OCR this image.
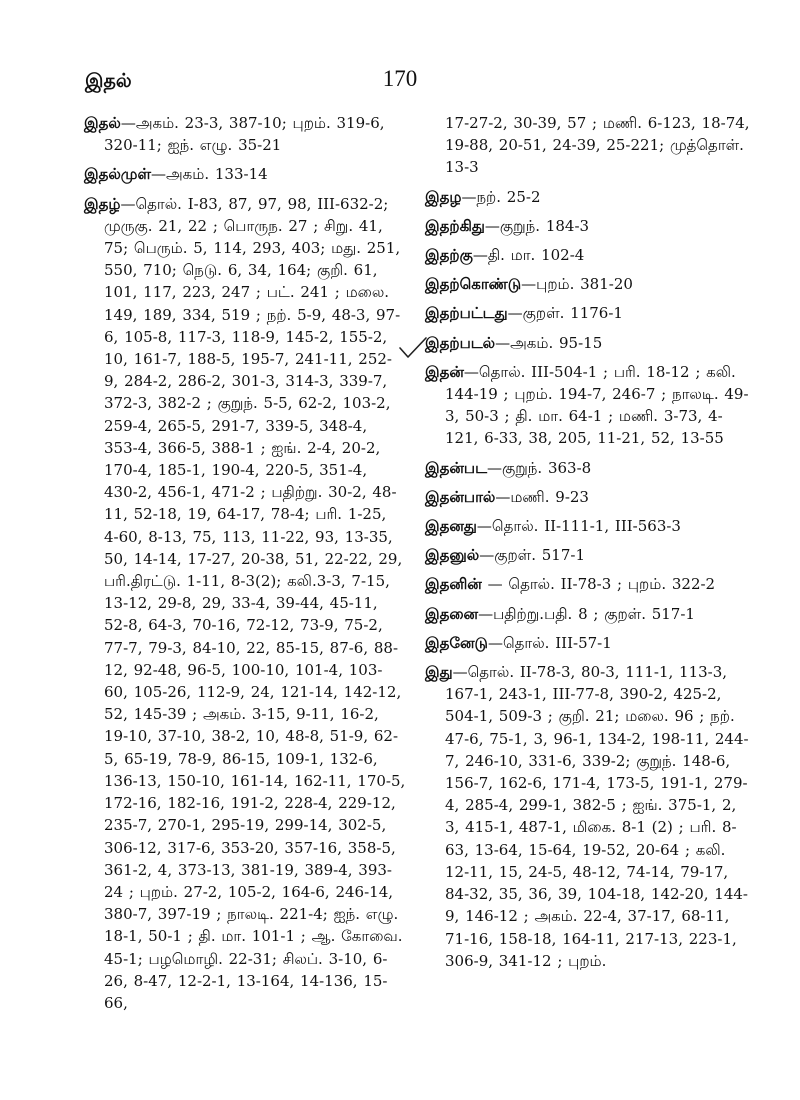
இதல்	170

இதல்—அகம். 23-3, 387-10; புறம். 319-6, 320-11; ஐந். எழு. 35-21

இதல்முள்—அகம். 133-14

இதழ்—தொல். I-83, 87, 97, 98, III-632-2; முருகு. 21, 22 ; பொருந. 27 ; சிறு. 41, 75; பெரும். 5, 114, 293, 403; மது. 251, 550, 710; நெடு. 6, 34, 164; குறி. 61, 101, 117, 223, 247 ; பட். 241 ; மலை. 149, 189, 334, 519 ; நற். 5-9, 48-3, 97-6, 105-8, 117-3, 118-9, 145-2, 155-2, 10, 161-7, 188-5, 195-7, 241-11, 252-9, 284-2, 286-2, 301-3, 314-3, 339-7, 372-3, 382-2 ; குறுந். 5-5, 62-2, 103-2, 259-4, 265-5, 291-7, 339-5, 348-4, 353-4, 366-5, 388-1 ; ஐங். 2-4, 20-2, 170-4, 185-1, 190-4, 220-5, 351-4, 430-2, 456-1, 471-2 ; பதிற்று. 30-2, 48-11, 52-18, 19, 64-17, 78-4; பரி. 1-25, 4-60, 8-13, 75, 113, 11-22, 93, 13-35, 50, 14-14, 17-27, 20-38, 51, 22-22, 29, பரி.திரட்டு. 1-11, 8-3(2); கலி.3-3, 7-15, 13-12, 29-8, 29, 33-4, 39-44, 45-11, 52-8, 64-3, 70-16, 72-12, 73-9, 75-2, 77-7, 79-3, 84-10, 22, 85-15, 87-6, 88-12, 92-48, 96-5, 100-10, 101-4, 103-60, 105-26, 112-9, 24, 121-14, 142-12, 52, 145-39 ; அகம். 3-15, 9-11, 16-2, 19-10, 37-10, 38-2, 10, 48-8, 51-9, 62-5, 65-19, 78-9, 86-15, 109-1, 132-6, 136-13, 150-10, 161-14, 162-11, 170-5, 172-16, 182-16, 191-2, 228-4, 229-12, 235-7, 270-1, 295-19, 299-14, 302-5, 306-12, 317-6, 353-20, 357-16, 358-5, 361-2, 4, 373-13, 381-19, 389-4, 393-24 ; புறம். 27-2, 105-2, 164-6, 246-14, 380-7, 397-19 ; நாலடி. 221-4; ஐந். எழு. 18-1, 50-1 ; தி. மா. 101-1 ; ஆ. கோவை. 45-1; பழமொழி. 22-31; சிலப். 3-10, 6-26, 8-47, 12-2-1, 13-164, 14-136, 15-66,

17-27-2, 30-39, 57 ; மணி. 6-123, 18-74, 19-88, 20-51, 24-39, 25-221; முத்தொள். 13-3

இதழ—நற். 25-2

இதற்கிது—குறுந். 184-3

இதற்கு—தி. மா. 102-4

இதற்கொண்டு—புறம். 381-20

இதற்பட்டது—குறள். 1176-1

இதற்படல்—அகம். 95-15

இதன்—தொல். III-504-1 ; பரி. 18-12 ; கலி. 144-19 ; புறம். 194-7, 246-7 ; நாலடி. 49-3, 50-3 ; தி. மா. 64-1 ; மணி. 3-73, 4-121, 6-33, 38, 205, 11-21, 52, 13-55

இதன்பட—குறுந். 363-8

இதன்பால்—மணி. 9-23

இதனது—தொல். II-111-1, III-563-3

இதனுல்—குறள். 517-1

இதனின் — தொல். II-78-3 ; புறம். 322-2

இதனை—பதிற்று.பதி. 8 ; குறள். 517-1

இதனேடு—தொல். III-57-1

இது—தொல். II-78-3, 80-3, 111-1, 113-3, 167-1, 243-1, III-77-8, 390-2, 425-2, 504-1, 509-3 ; குறி. 21; மலை. 96 ; நற். 47-6, 75-1, 3, 96-1, 134-2, 198-11, 244-7, 246-10, 331-6, 339-2; குறுந். 148-6, 156-7, 162-6, 171-4, 173-5, 191-1, 279-4, 285-4, 299-1, 382-5 ; ஐங். 375-1, 2, 3, 415-1, 487-1, மிகை. 8-1 (2) ; பரி. 8-63, 13-64, 15-64, 19-52, 20-64 ; கலி. 12-11, 15, 24-5, 48-12, 74-14, 79-17, 84-32, 35, 36, 39, 104-18, 142-20, 144-9, 146-12 ; அகம். 22-4, 37-17, 68-11, 71-16, 158-18, 164-11, 217-13, 223-1, 306-9, 341-12 ; புறம்.
